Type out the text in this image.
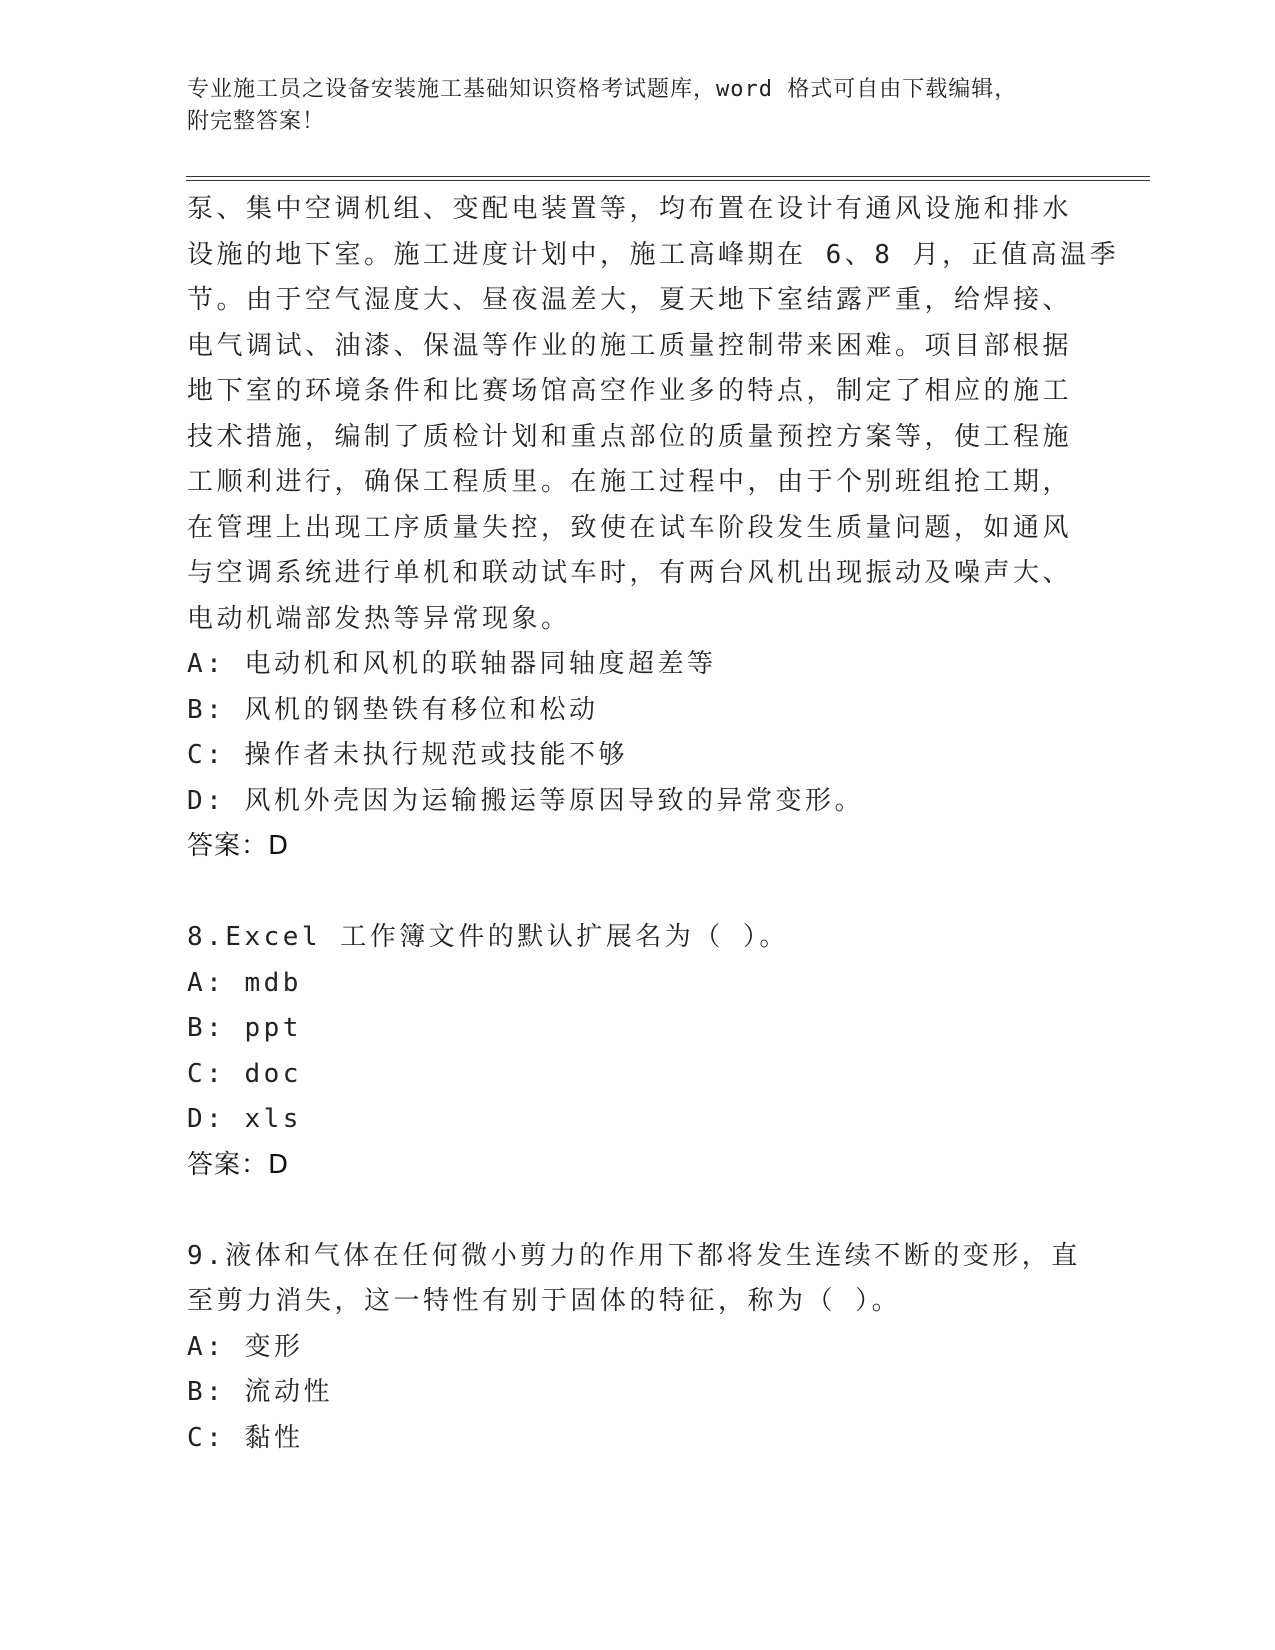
专业施工员之设备安装施工基础知识资格考试题库，word 格式可自由下载编辑，
附完整答案！
泵、集中空调机组、变配电装置等，均布置在设计有通风设施和排水
设施的地下室。施工进度计划中，施工高峰期在 6、8 月，正值高温季
节。由于空气湿度大、昼夜温差大，夏天地下室结露严重，给焊接、
电气调试、油漆、保温等作业的施工质量控制带来困难。项目部根据
地下室的环境条件和比赛场馆高空作业多的特点，制定了相应的施工
技术措施，编制了质检计划和重点部位的质量预控方案等，使工程施
工顺利进行，确保工程质里。在施工过程中，由于个别班组抢工期，
在管理上出现工序质量失控，致使在试车阶段发生质量问题，如通风
与空调系统进行单机和联动试车时，有两台风机出现振动及噪声大、
电动机端部发热等异常现象。
A: 电动机和风机的联轴器同轴度超差等
B: 风机的钢垫铁有移位和松动
C: 操作者未执行规范或技能不够
D: 风机外壳因为运输搬运等原因导致的异常变形。
答案：D
8.Excel 工作簿文件的默认扩展名为（ ）。
A: mdb
B: ppt
C: doc
D: xls
答案：D
9.液体和气体在任何微小剪力的作用下都将发生连续不断的变形，直
至剪力消失，这一特性有别于固体的特征，称为（ ）。
A: 变形
B: 流动性
C: 黏性
